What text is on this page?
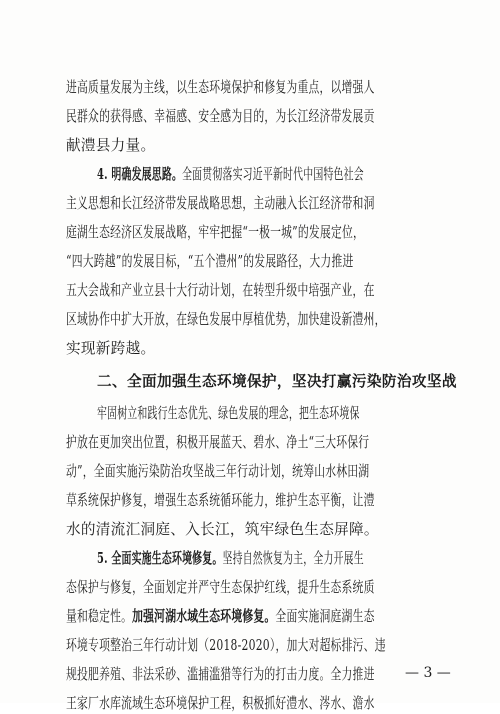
进高质量发展为主线，以生态环境保护和修复为重点，以增强人
民群众的获得感、幸福感、安全感为目的，为长江经济带发展贡
献澧县力量。
4. 明确发展思路。全面贯彻落实习近平新时代中国特色社会
主义思想和长江经济带发展战略思想，主动融入长江经济带和洞
庭湖生态经济区发展战略，牢牢把握“一极一城”的发展定位，
“四大跨越”的发展目标，“五个澧州”的发展路径，大力推进
五大会战和产业立县十大行动计划，在转型升级中培强产业，在
区域协作中扩大开放，在绿色发展中厚植优势，加快建设新澧州，
实现新跨越。
二、全面加强生态环境保护，坚决打赢污染防治攻坚战
牢固树立和践行生态优先、绿色发展的理念，把生态环境保
护放在更加突出位置，积极开展蓝天、碧水、净土“三大环保行
动”，全面实施污染防治攻坚战三年行动计划，统筹山水林田湖
草系统保护修复，增强生态系统循环能力，维护生态平衡，让澧
水的清流汇洞庭、入长江，筑牢绿色生态屏障。
5. 全面实施生态环境修复。坚持自然恢复为主，全力开展生
态保护与修复，全面划定并严守生态保护红线，提升生态系统质
量和稳定性。加强河湖水域生态环境修复。全面实施洞庭湖生态
环境专项整治三年行动计划（2018-2020），加大对超标排污、违
规投肥养殖、非法采砂、滥捕滥猎等行为的打击力度。全力推进
王家厂水库流域生态环境保护工程，积极抓好澧水、涔水、澹水
— 3 —
